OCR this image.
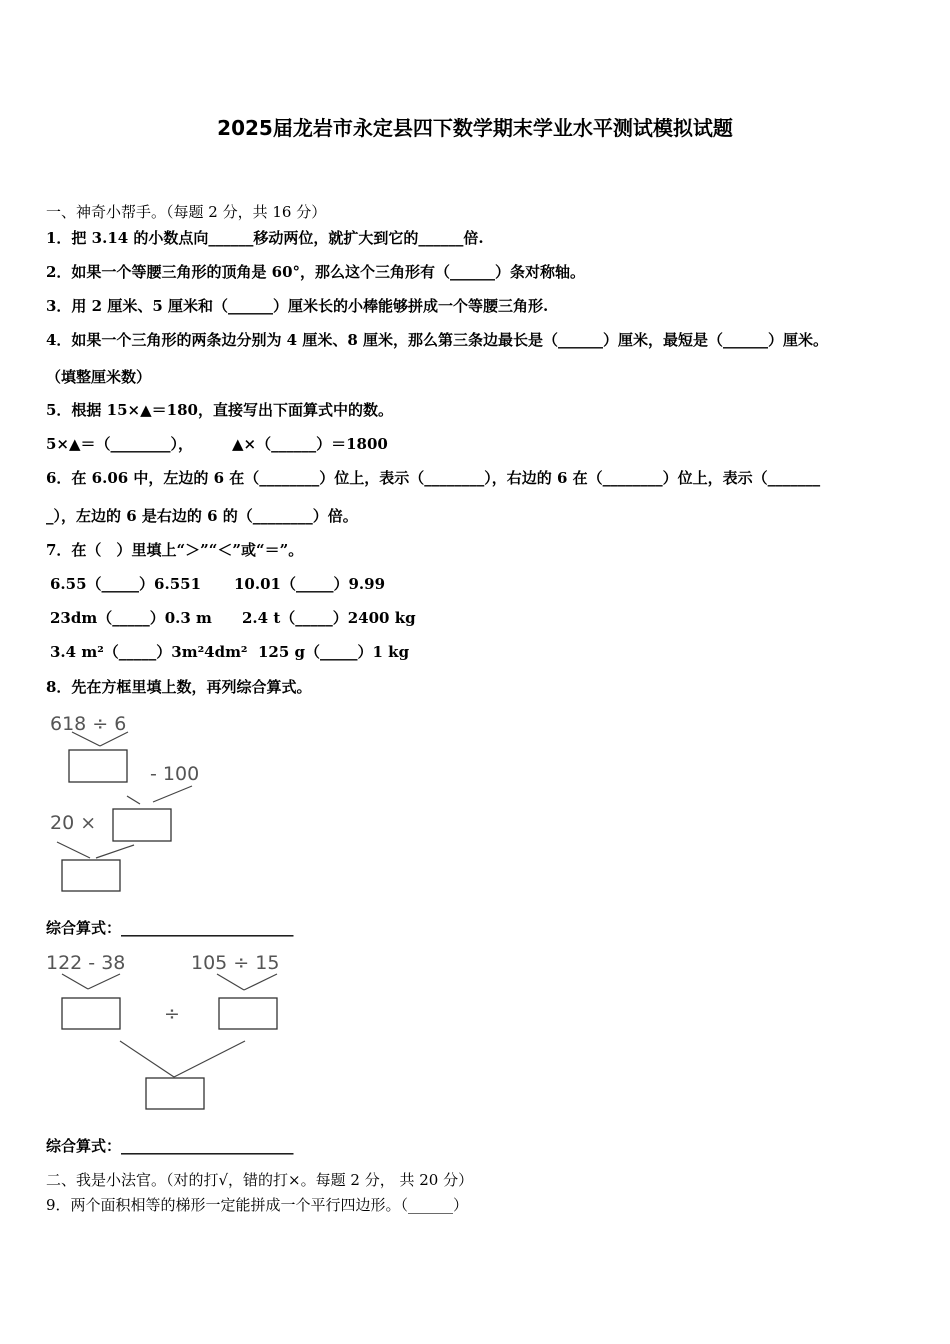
2025届龙岩市永定县四下数学期末学业水平测试模拟试题
一、神奇小帮手。（每题 2 分，共 16 分）
1．把 3.14 的小数点向______移动两位，就扩大到它的______倍.
2．如果一个等腰三角形的顶角是 60°，那么这个三角形有（______）条对称轴。
3．用 2 厘米、5 厘米和（______）厘米长的小棒能够拼成一个等腰三角形.
4．如果一个三角形的两条边分别为 4 厘米、8 厘米，那么第三条边最长是（______）厘米，最短是（______）厘米。
（填整厘米数）
5．根据 15×▲＝180，直接写出下面算式中的数。
5×▲＝（________），	▲×（______）＝1800
6．在 6.06 中，左边的 6 在（________）位上，表示（________），右边的 6 在（________）位上，表示（_______
_），左边的 6 是右边的 6 的（________）倍。
7．在（　）里填上“＞”“＜”或“＝”。
6.55（_____）6.551 10.01（_____）9.99
23dm（_____）0.3 m 2.4 t（_____）2400 kg
3.4 m²（_____）3m²4dm² 125 g（_____）1 kg
8．先在方框里填上数，再列综合算式。
618 ÷ 6
- 100
20 ×
122 - 38	105 ÷ 15
÷
综合算式：_______________________
综合算式：_______________________
二、我是小法官。（对的打√，错的打×。每题 2 分， 共 20 分）
9．两个面积相等的梯形一定能拼成一个平行四边形。（______）
